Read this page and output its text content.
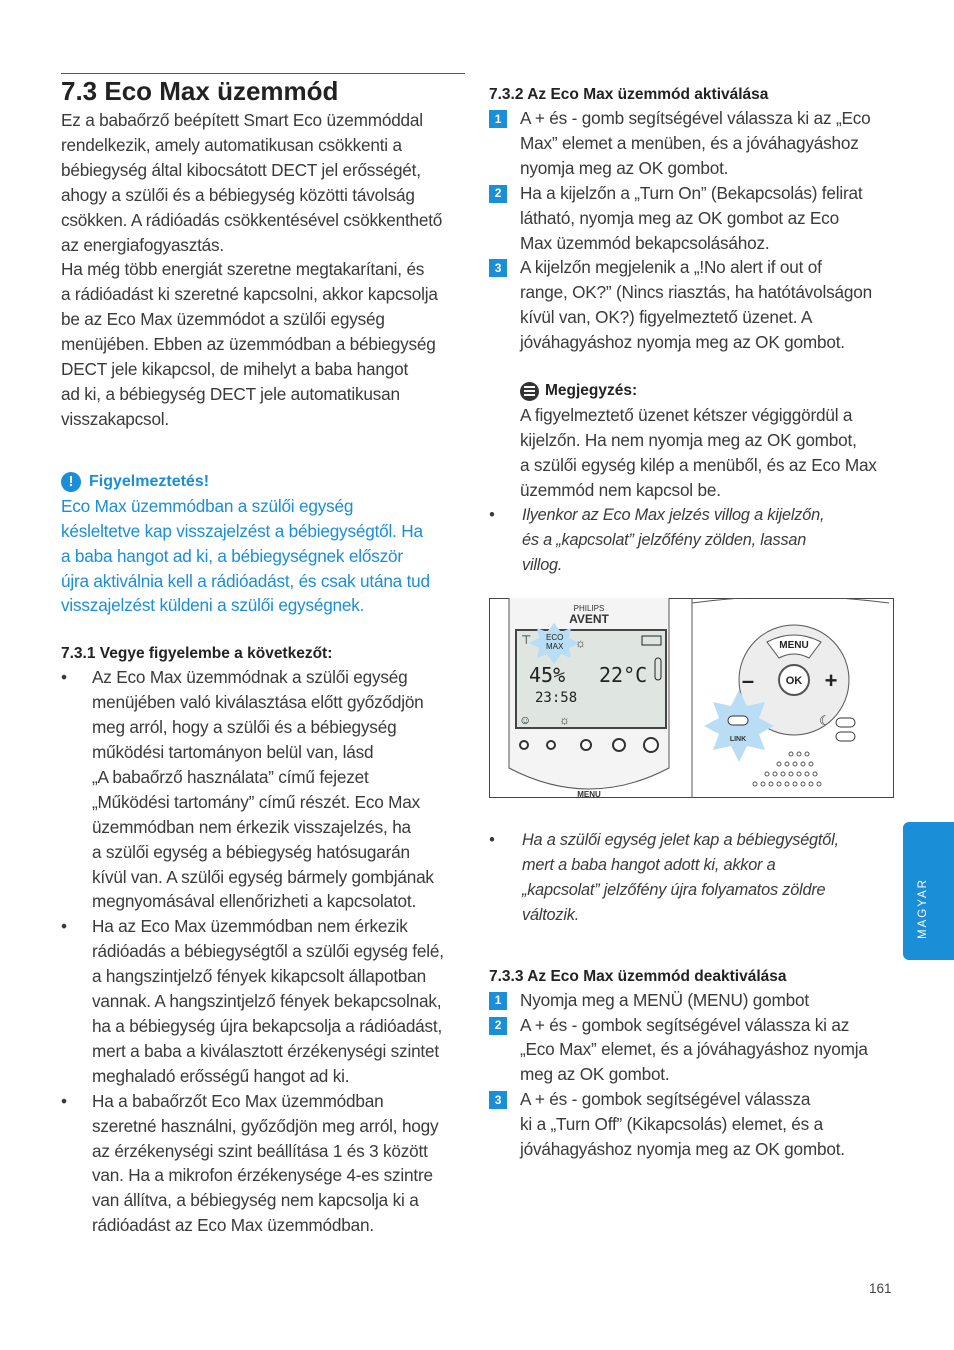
7.3 Eco Max üzemmód

Ez a babaőrző beépített Smart Eco üzemmóddal
rendelkezik, amely automatikusan csökkenti a
bébiegység által kibocsátott DECT jel erősségét,
ahogy a szülői és a bébiegység közötti távolság
csökken. A rádióadás csökkentésével csökkenthető
az energiafogyasztás.
Ha még több energiát szeretne megtakarítani, és
a rádióadást ki szeretné kapcsolni, akkor kapcsolja
be az Eco Max üzemmódot a szülői egység
menüjében. Ebben az üzemmódban a bébiegység
DECT jele kikapcsol, de mihelyt a baba hangot
ad ki, a bébiegység DECT jele automatikusan
visszakapcsol.

! Figyelmeztetés!
Eco Max üzemmódban a szülői egység
késleltetve kap visszajelzést a bébiegységtől. Ha
a baba hangot ad ki, a bébiegységnek először
újra aktiválnia kell a rádióadást, és csak utána tud
visszajelzést küldeni a szülői egységnek.
7.3.1 Vegye figyelembe a következőt:
• Az Eco Max üzemmódnak a szülői egység
menüjében való kiválasztása előtt győződjön
meg arról, hogy a szülői és a bébiegység
működési tartományon belül van, lásd
„A babaőrző használata” című fejezet
„Működési tartomány” című részét. Eco Max
üzemmódban nem érkezik visszajelzés, ha
a szülői egység a bébiegység hatósugarán
kívül van. A szülői egység bármely gombjának
megnyomásával ellenőrizheti a kapcsolatot.
• Ha az Eco Max üzemmódban nem érkezik
rádióadás a bébiegységtől a szülői egység felé,
a hangszintjelző fények kikapcsolt állapotban
vannak. A hangszintjelző fények bekapcsolnak,
ha a bébiegység újra bekapcsolja a rádióadást,
mert a baba a kiválasztott érzékenységi szintet
meghaladó erősségű hangot ad ki.
• Ha a babaőrzőt Eco Max üzemmódban
szeretné használni, győződjön meg arról, hogy
az érzékenységi szint beállítása 1 és 3 között
van. Ha a mikrofon érzékenysége 4-es szintre
van állítva, a bébiegység nem kapcsolja ki a
rádióadást az Eco Max üzemmódban.
7.3.2 Az Eco Max üzemmód aktiválása
1	A + és - gomb segítségével válassza ki az „Eco
Max” elemet a menüben, és a jóváhagyáshoz
nyomja meg az OK gombot.
2	Ha a kijelzőn a „Turn On” (Bekapcsolás) felirat
látható, nyomja meg az OK gombot az Eco
Max üzemmód bekapcsolásához.
3	A kijelzőn megjelenik a „!No alert if out of
range, OK?” (Nincs riasztás, ha hatótávolságon
kívül van, OK?) figyelmeztető üzenet. A
jóváhagyáshoz nyomja meg az OK gombot.
Megjegyzés:
A figyelmeztető üzenet kétszer végiggördül a
kijelzőn. Ha nem nyomja meg az OK gombot,
a szülői egység kilép a menüből, és az Eco Max
üzemmód nem kapcsol be.
• Ilyenkor az Eco Max jelzés villog a kijelzőn,
és a „kapcsolat” jelzőfény zölden, lassan
villog.
PHILIPS
AVENT
⊤ ECO
MAX ☼
45% 22°C
23:58
☺ ☼
MENU
MENU
OK
–	+
☾
LINK
• Ha a szülői egység jelet kap a bébiegységtől,
mert a baba hangot adott ki, akkor a
„kapcsolat” jelzőfény újra folyamatos zöldre
változik.
7.3.3 Az Eco Max üzemmód deaktiválása
1	Nyomja meg a MENÜ (MENU) gombot
2	A + és - gombok segítségével válassza ki az
„Eco Max” elemet, és a jóváhagyáshoz nyomja
meg az OK gombot.
3	A + és - gombok segítségével válassza
ki a „Turn Off” (Kikapcsolás) elemet, és a
jóváhagyáshoz nyomja meg az OK gombot.
MAGYAR
161
